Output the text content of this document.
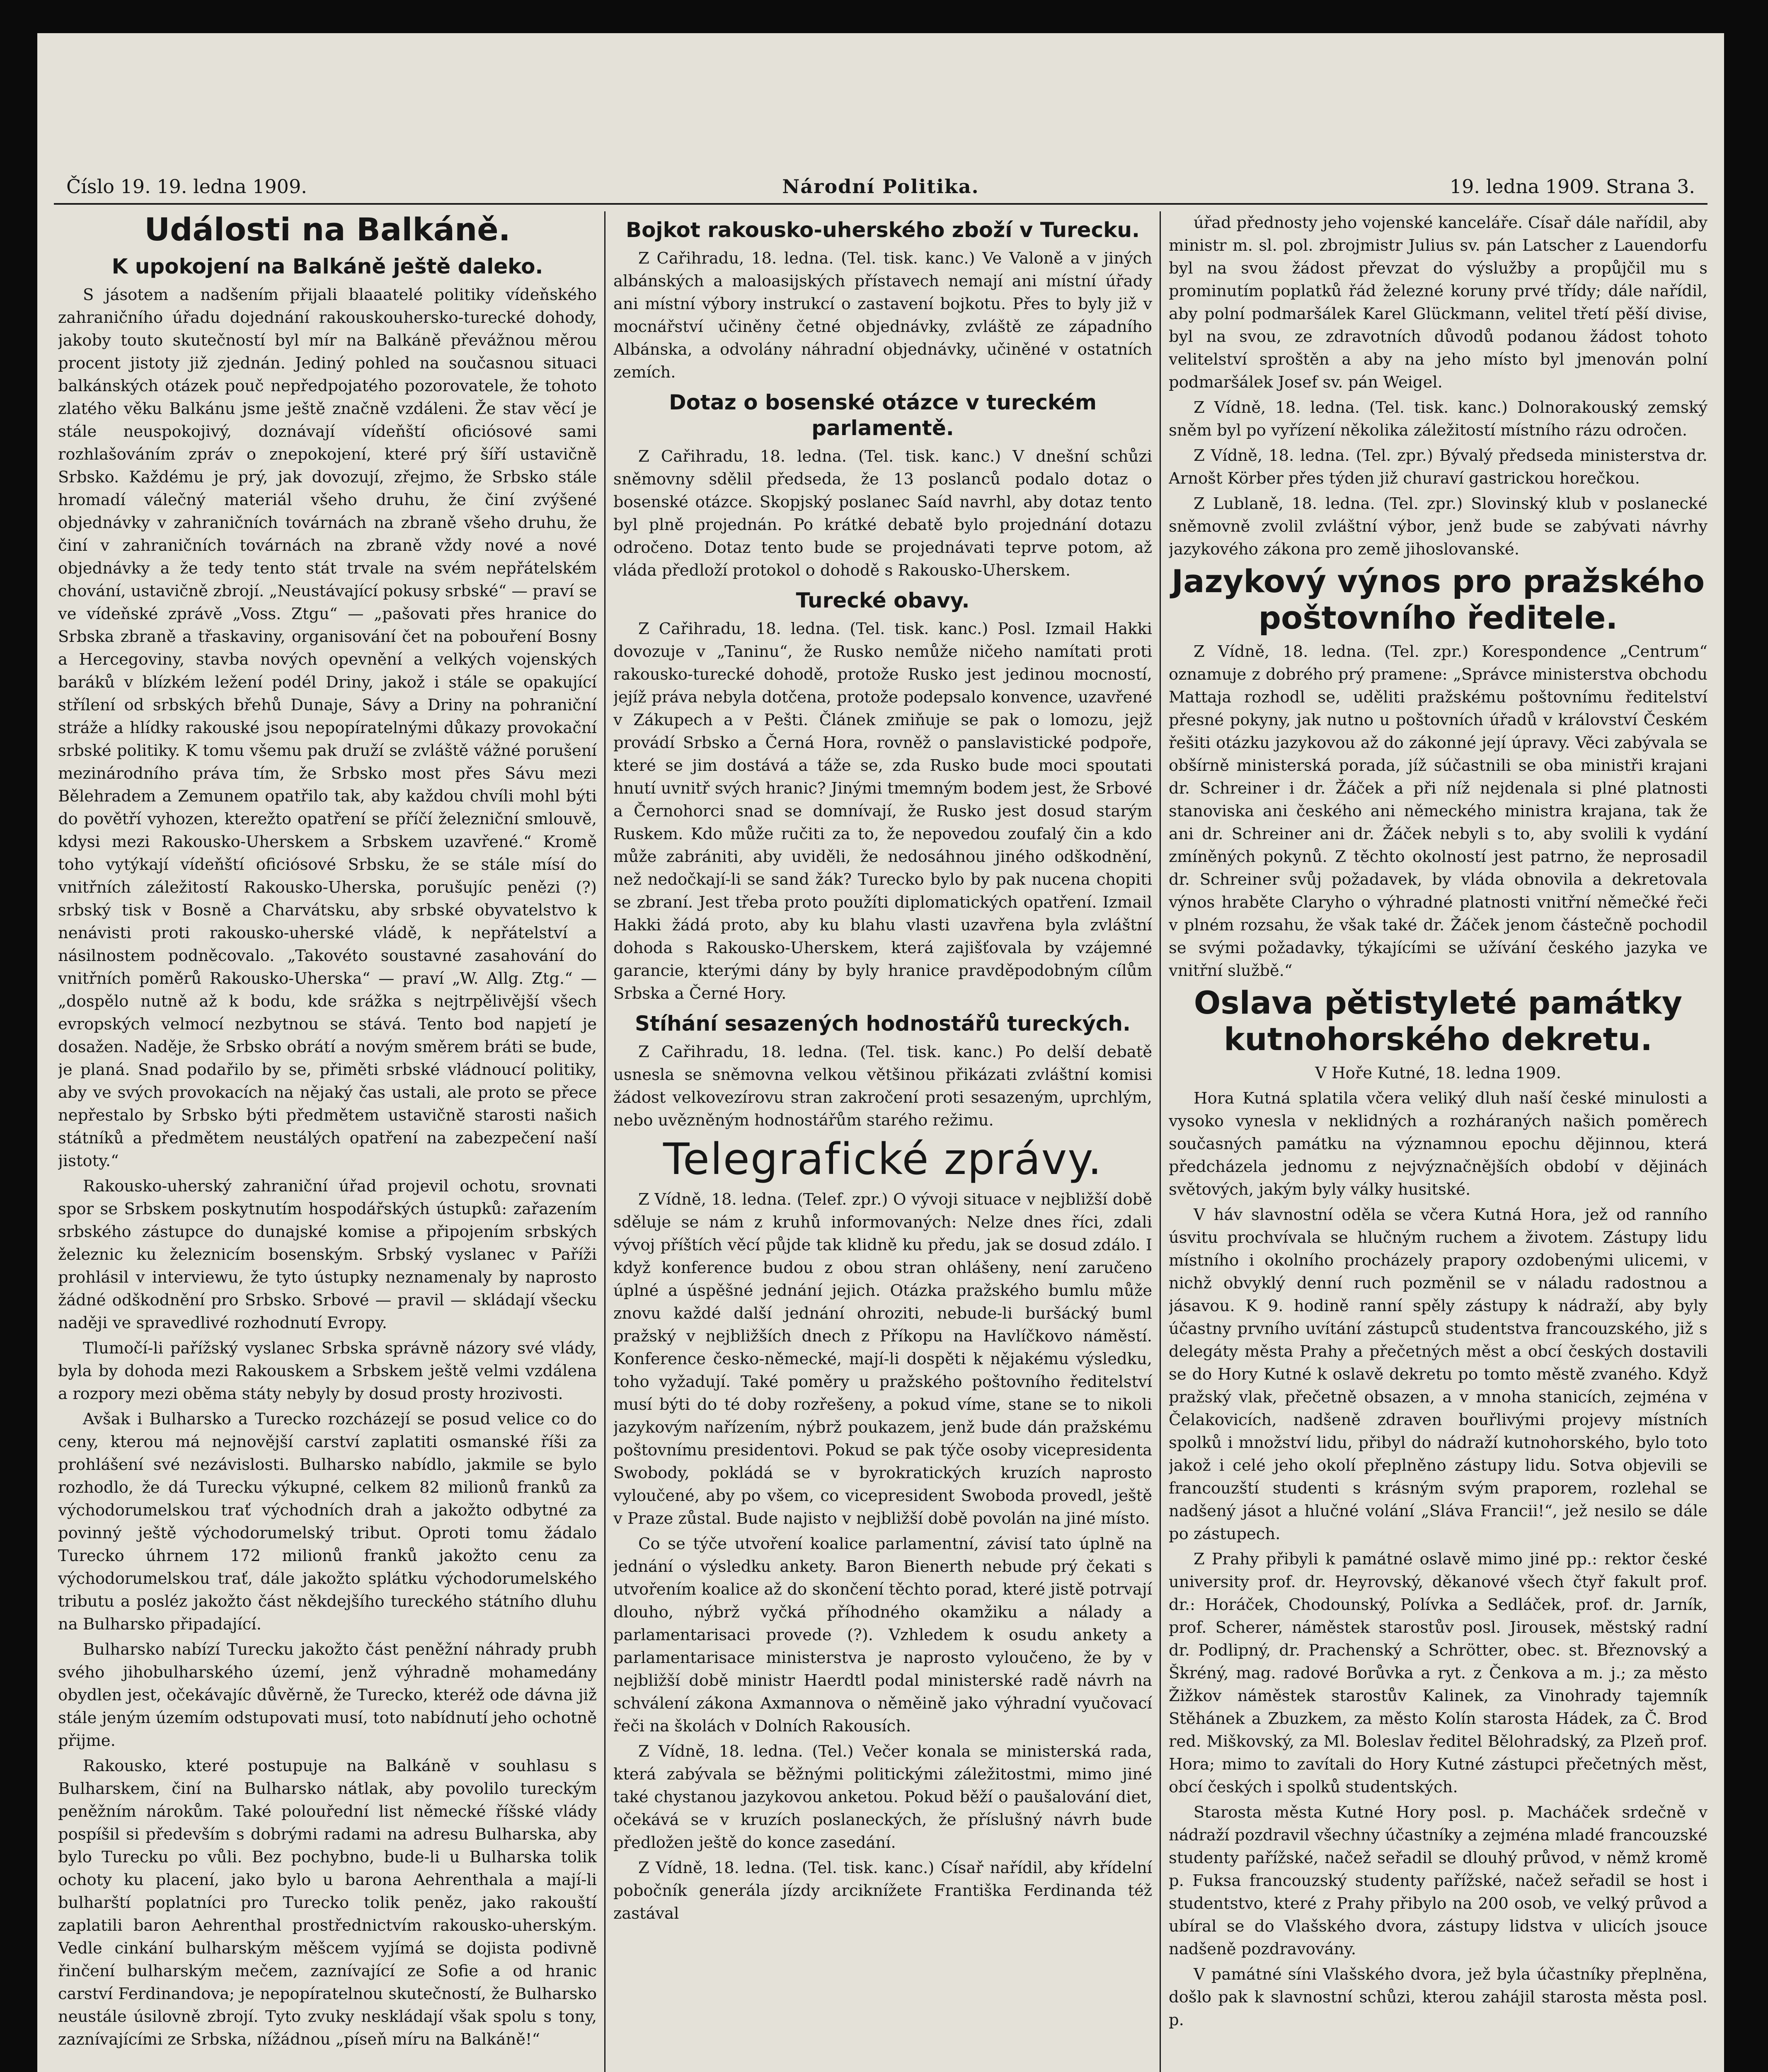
Číslo 19. 19. ledna 1909.	Národní Politika.	19. ledna 1909. Strana 3.
Události na Balkáně.
K upokojení na Balkáně ještě daleko.

S jásotem a nadšením přijali blaaatelé politiky vídeňského zahraničního úřadu dojednání rakouskouhersko-turecké dohody, jakoby touto skutečností byl mír na Balkáně převážnou měrou procent jistoty již zjednán. Jediný pohled na současnou situaci balkánských otázek pouč nepředpojatého pozorovatele, že tohoto zlatého věku Balkánu jsme ještě značně vzdáleni. Že stav věcí je stále neuspokojivý, doznávají vídeňští oficiósové sami rozhlašováním zpráv o znepokojení, které prý šíří ustavičně Srbsko. Každému je prý, jak dovozují, zřejmo, že Srbsko stále hromadí válečný materiál všeho druhu, že činí zvýšené objednávky v zahraničních továrnách na zbraně všeho druhu, že činí v zahraničních továrnách na zbraně vždy nové a nové objednávky a že tedy tento stát trvale na svém nepřátelském chování, ustavičně zbrojí. „Neustávající pokusy srbské“ — praví se ve vídeňské zprávě „Voss. Ztgu“ — „pašovati přes hranice do Srbska zbraně a třaskaviny, organisování čet na pobouření Bosny a Hercegoviny, stavba nových opevnění a velkých vojenských baráků v blízkém ležení podél Driny, jakož i stále se opakující střílení od srbských břehů Dunaje, Sávy a Driny na pohraniční stráže a hlídky rakouské jsou nepopíratelnými důkazy provokační srbské politiky. K tomu všemu pak druží se zvláště vážné porušení mezinárodního práva tím, že Srbsko most přes Sávu mezi Bělehradem a Zemunem opatřilo tak, aby každou chvíli mohl býti do povětří vyhozen, kterežto opatření se příčí železniční smlouvě, kdysi mezi Rakousko-Uherskem a Srbskem uzavřené.“ Kromě toho vytýkají vídeňští oficiósové Srbsku, že se stále mísí do vnitřních záležitostí Rakousko-Uherska, porušujíc penězi (?) srbský tisk v Bosně a Charvátsku, aby srbské obyvatelstvo k nenávisti proti rakousko-uherské vládě, k nepřátelství a násilnostem podněcovalo. „Takovéto soustavné zasahování do vnitřních poměrů Rakousko-Uherska“ — praví „W. Allg. Ztg.“ — „dospělo nutně až k bodu, kde srážka s nejtrpělivější všech evropských velmocí nezbytnou se stává. Tento bod napjetí je dosažen. Naděje, že Srbsko obrátí a novým směrem bráti se bude, je planá. Snad podařilo by se, přiměti srbské vládnoucí politiky, aby ve svých provokacích na nějaký čas ustali, ale proto se přece nepřestalo by Srbsko býti předmětem ustavičně starosti našich státníků a předmětem neustálých opatření na zabezpečení naší jistoty.“

Rakousko-uherský zahraniční úřad projevil ochotu, srovnati spor se Srbskem poskytnutím hospodářských ústupků: zařazením srbského zástupce do dunajské komise a připojením srbských železnic ku železnicím bosenským. Srbský vyslanec v Paříži prohlásil v interviewu, že tyto ústupky neznamenaly by naprosto žádné odškodnění pro Srbsko. Srbové — pravil — skládají všecku naději ve spravedlivé rozhodnutí Evropy.

Tlumočí-li pařížský vyslanec Srbska správně názory své vlády, byla by dohoda mezi Rakouskem a Srbskem ještě velmi vzdálena a rozpory mezi oběma státy nebyly by dosud prosty hrozivosti.

Avšak i Bulharsko a Turecko rozcházejí se posud velice co do ceny, kterou má nejnovější carství zaplatiti osmanské říši za prohlášení své nezávislosti. Bulharsko nabídlo, jakmile se bylo rozhodlo, že dá Turecku výkupné, celkem 82 milionů franků za východorumelskou trať východních drah a jakožto odbytné za povinný ještě východorumelský tribut. Oproti tomu žádalo Turecko úhrnem 172 milionů franků jakožto cenu za východorumelskou trať, dále jakožto splátku východorumelského tributu a posléz jakožto část někdejšího tureckého státního dluhu na Bulharsko připadající.

Bulharsko nabízí Turecku jakožto část peněžní náhrady prubh svého jihobulharského území, jenž výhradně mohamedány obydlen jest, očekávajíc důvěrně, že Turecko, kteréž ode dávna již stále jeným územím odstupovati musí, toto nabídnutí jeho ochotně přijme.

Rakousko, které postupuje na Balkáně v souhlasu s Bulharskem, činí na Bulharsko nátlak, aby povolilo tureckým peněžním nárokům. Také polouřední list německé říšské vlády pospíšil si především s dobrými radami na adresu Bulharska, aby bylo Turecku po vůli. Bez pochybno, bude-li u Bulharska tolik ochoty ku placení, jako bylo u barona Aehrenthala a mají-li bulharští poplatníci pro Turecko tolik peněz, jako rakouští zaplatili baron Aehrenthal prostřednictvím rakousko-uherským. Vedle cinkání bulharským měšcem vyjímá se dojista podivně řinčení bulharským mečem, zaznívající ze Sofie a od hranic carství Ferdinandova; je nepopíratelnou skutečností, že Bulharsko neustále úsilovně zbrojí. Tyto zvuky neskládají však spolu s tony, zaznívajícími ze Srbska, nížádnou „píseň míru na Balkáně!“

Bojkot rakousko-uherského zboží v Turecku.

Z Cařihradu, 18. ledna. (Tel. tisk. kanc.) Ve Valoně a v jiných albánských a maloasijských přístavech nemají ani místní úřady ani místní výbory instrukcí o zastavení bojkotu. Přes to byly již v mocnářství učiněny četné objednávky, zvláště ze západního Albánska, a odvolány náhradní objednávky, učiněné v ostatních zemích.

Dotaz o bosenské otázce v tureckém parlamentě.

Z Cařihradu, 18. ledna. (Tel. tisk. kanc.) V dnešní schůzi sněmovny sdělil předseda, že 13 poslanců podalo dotaz o bosenské otázce. Skopjský poslanec Saíd navrhl, aby dotaz tento byl plně projednán. Po krátké debatě bylo projednání dotazu odročeno. Dotaz tento bude se projednávati teprve potom, až vláda předloží protokol o dohodě s Rakousko-Uherskem.

Turecké obavy.

Z Cařihradu, 18. ledna. (Tel. tisk. kanc.) Posl. Izmail Hakki dovozuje v „Taninu“, že Rusko nemůže ničeho namítati proti rakousko-turecké dohodě, protože Rusko jest jedinou mocností, jejíž práva nebyla dotčena, protože podepsalo konvence, uzavřené v Zákupech a v Pešti. Článek zmiňuje se pak o lomozu, jejž provádí Srbsko a Černá Hora, rovněž o panslavistické podpoře, které se jim dostává a táže se, zda Rusko bude moci spoutati hnutí uvnitř svých hranic? Jinými tmemným bodem jest, že Srbové a Černohorci snad se domnívají, že Rusko jest dosud starým Ruskem. Kdo může ručiti za to, že nepovedou zoufalý čin a kdo může zabrániti, aby uviděli, že nedosáhnou jiného odškodnění, než nedočkají-li se sand žák? Turecko bylo by pak nucena chopiti se zbraní. Jest třeba proto použíti diplomatických opatření. Izmail Hakki žádá proto, aby ku blahu vlasti uzavřena byla zvláštní dohoda s Rakousko-Uherskem, která zajišťovala by vzájemné garancie, kterými dány by byly hranice pravděpodobným cílům Srbska a Černé Hory.

Stíhání sesazených hodnostářů tureckých.

Z Cařihradu, 18. ledna. (Tel. tisk. kanc.) Po delší debatě usnesla se sněmovna velkou většinou přikázati zvláštní komisi žádost velkovezírovu stran zakročení proti sesazeným, uprchlým, nebo uvězněným hodnostářům starého režimu.

Telegrafické zprávy.

Z Vídně, 18. ledna. (Telef. zpr.) O vývoji situace v nejbližší době sděluje se nám z kruhů informovaných: Nelze dnes říci, zdali vývoj příštích věcí půjde tak klidně ku předu, jak se dosud zdálo. I když konference budou z obou stran ohlášeny, není zaručeno úplné a úspěšné jednání jejich. Otázka pražského bumlu může znovu každé další jednání ohroziti, nebude-li buršácký buml pražský v nejbližších dnech z Příkopu na Havlíčkovo náměstí. Konference česko-německé, mají-li dospěti k nějakému výsledku, toho vyžadují. Také poměry u pražského poštovního ředitelství musí býti do té doby rozřešeny, a pokud víme, stane se to nikoli jazykovým nařízením, nýbrž poukazem, jenž bude dán pražskému poštovnímu presidentovi. Pokud se pak týče osoby vicepresidenta Swobody, pokládá se v byrokratických kruzích naprosto vyloučené, aby po všem, co vicepresident Swoboda provedl, ještě v Praze zůstal. Bude najisto v nejbližší době povolán na jiné místo.

Co se týče utvoření koalice parlamentní, závisí tato úplně na jednání o výsledku ankety. Baron Bienerth nebude prý čekati s utvořením koalice až do skončení těchto porad, které jistě potrvají dlouho, nýbrž vyčká příhodného okamžiku a nálady a parlamentarisaci provede (?). Vzhledem k osudu ankety a parlamentarisace ministerstva je naprosto vyloučeno, že by v nejbližší době ministr Haerdtl podal ministerské radě návrh na schválení zákona Axmannova o něměině jako výhradní vyučovací řeči na školách v Dolních Rakousích.

Z Vídně, 18. ledna. (Tel.) Večer konala se ministerská rada, která zabývala se běžnými politickými záležitostmi, mimo jiné také chystanou jazykovou anketou. Pokud běží o paušalování diet, očekává se v kruzích poslaneckých, že příslušný návrh bude předložen ještě do konce zasedání.

Z Vídně, 18. ledna. (Tel. tisk. kanc.) Císař nařídil, aby křídelní pobočník generála jízdy arciknížete Františka Ferdinanda též zastával

úřad přednosty jeho vojenské kanceláře. Císař dále nařídil, aby ministr m. sl. pol. zbrojmistr Julius sv. pán Latscher z Lauendorfu byl na svou žádost převzat do výslužby a propůjčil mu s prominutím poplatků řád železné koruny prvé třídy; dále nařídil, aby polní podmaršálek Karel Glückmann, velitel třetí pěší divise, byl na svou, ze zdravotních důvodů podanou žádost tohoto velitelství sproštěn a aby na jeho místo byl jmenován polní podmaršálek Josef sv. pán Weigel.

Z Vídně, 18. ledna. (Tel. tisk. kanc.) Dolnorakouský zemský sněm byl po vyřízení několika záležitostí místního rázu odročen.

Z Vídně, 18. ledna. (Tel. zpr.) Bývalý předseda ministerstva dr. Arnošt Körber přes týden již churaví gastrickou horečkou.

Z Lublaně, 18. ledna. (Tel. zpr.) Slovinský klub v poslanecké sněmovně zvolil zvláštní výbor, jenž bude se zabývati návrhy jazykového zákona pro země jihoslovanské.

Jazykový výnos pro pražského poštovního ředitele.

Z Vídně, 18. ledna. (Tel. zpr.) Korespondence „Centrum“ oznamuje z dobrého prý pramene: „Správce ministerstva obchodu Mattaja rozhodl se, uděliti pražskému poštovnímu ředitelství přesné pokyny, jak nutno u poštovních úřadů v království Českém řešiti otázku jazykovou až do zákonné její úpravy. Věci zabývala se obšírně ministerská porada, jíž súčastnili se oba ministři krajani dr. Schreiner i dr. Žáček a při níž nejdenala si plné platnosti stanoviska ani českého ani německého ministra krajana, tak že ani dr. Schreiner ani dr. Žáček nebyli s to, aby svolili k vydání zmíněných pokynů. Z těchto okolností jest patrno, že neprosadil dr. Schreiner svůj požadavek, by vláda obnovila a dekretovala výnos hraběte Claryho o výhradné platnosti vnitřní němečké řeči v plném rozsahu, že však také dr. Žáček jenom částečně pochodil se svými požadavky, týkajícími se užívání českého jazyka ve vnitřní službě.“

Oslava pětistyleté památky kutnohorského dekretu.

V Hoře Kutné, 18. ledna 1909.

Hora Kutná splatila včera veliký dluh naší české minulosti a vysoko vynesla v neklidných a rozháraných našich poměrech současných památku na významnou epochu dějinnou, která předcházela jednomu z nejvýznačnějších období v dějinách světových, jakým byly války husitské.

V háv slavnostní oděla se včera Kutná Hora, jež od ranního úsvitu prochvívala se hlučným ruchem a životem. Zástupy lidu místního i okolního procházely prapory ozdobenými ulicemi, v nichž obvyklý denní ruch pozměnil se v náladu radostnou a jásavou. K 9. hodině ranní spěly zástupy k nádraží, aby byly účastny prvního uvítání zástupců studentstva francouzského, již s delegáty města Prahy a přečetných měst a obcí českých dostavili se do Hory Kutné k oslavě dekretu po tomto městě zvaného. Když pražský vlak, přečetně obsazen, a v mnoha stanicích, zejména v Čelakovicích, nadšeně zdraven bouřlivými projevy místních spolků i množství lidu, přibyl do nádraží kutnohorského, bylo toto jakož i celé jeho okolí přeplněno zástupy lidu. Sotva objevili se francouzští studenti s krásným svým praporem, rozlehal se nadšený jásot a hlučné volání „Sláva Francii!“, jež nesilo se dále po zástupech.

Z Prahy přibyli k památné oslavě mimo jiné pp.: rektor české university prof. dr. Heyrovský, děkanové všech čtyř fakult prof. dr.: Horáček, Chodounský, Polívka a Sedláček, prof. dr. Jarník, prof. Scherer, náměstek starostův posl. Jirousek, městský radní dr. Podlipný, dr. Prachenský a Schrötter, obec. st. Březnovský a Škréný, mag. radové Borůvka a ryt. z Čenkova a m. j.; za město Žižkov náměstek starostův Kalinek, za Vinohrady tajemník Stěhánek a Zbuzkem, za město Kolín starosta Hádek, za Č. Brod red. Miškovský, za Ml. Boleslav ředitel Bělohradský, za Plzeň prof. Hora; mimo to zavítali do Hory Kutné zástupci přečetných měst, obcí českých i spolků studentských.

Starosta města Kutné Hory posl. p. Macháček srdečně v nádraží pozdravil všechny účastníky a zejména mladé francouzské studenty pařížské, načež seřadil se dlouhý průvod, v němž kromě p. Fuksa francouzský studenty pařížské, načež seřadil se host i studentstvo, které z Prahy přibylo na 200 osob, ve velký průvod a ubíral se do Vlašského dvora, zástupy lidstva v ulicích jsouce nadšeně pozdravovány.

V památné síni Vlašského dvora, jež byla účastníky přeplněna, došlo pak k slavnostní schůzi, kterou zahájil starosta města posl. p.
